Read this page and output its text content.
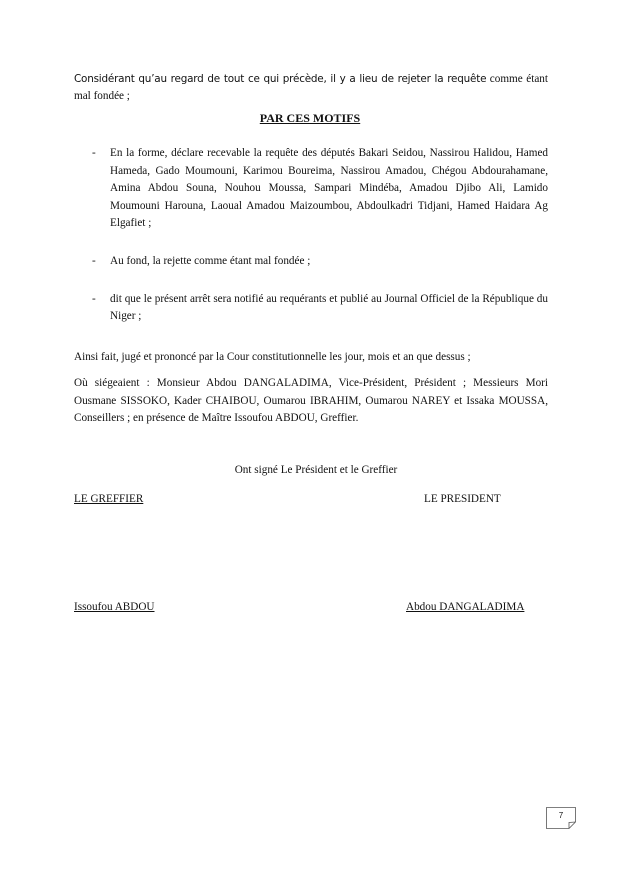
Considérant qu’au regard de tout ce qui précède, il y a lieu de rejeter la requête comme étant mal fondée ;

PAR CES MOTIFS
- En la forme, déclare recevable la requête des députés Bakari Seidou, Nassirou Halidou, Hamed Hameda, Gado Moumouni, Karimou Boureima, Nassirou Amadou, Chégou Abdourahamane, Amina Abdou Souna, Nouhou Moussa, Sampari Mindéba, Amadou Djibo Ali, Lamido Moumouni Harouna, Laoual Amadou Maizoumbou, Abdoulkadri Tidjani, Hamed Haidara Ag Elgafiet ;

- Au fond, la rejette comme étant mal fondée ;

- dit que le présent arrêt sera notifié au requérants et publié au Journal Officiel de la République du Niger ;

Ainsi fait, jugé et prononcé par la Cour constitutionnelle les jour, mois et an que dessus ;

Où siégeaient : Monsieur Abdou DANGALADIMA, Vice-Président, Président ; Messieurs Mori Ousmane SISSOKO, Kader CHAIBOU, Oumarou IBRAHIM, Oumarou NAREY et Issaka MOUSSA, Conseillers ; en présence de Maître Issoufou ABDOU, Greffier.

Ont signé Le Président et le Greffier
LE GREFFIER	LE PRESIDENT
Issoufou ABDOU	Abdou DANGALADIMA
7
